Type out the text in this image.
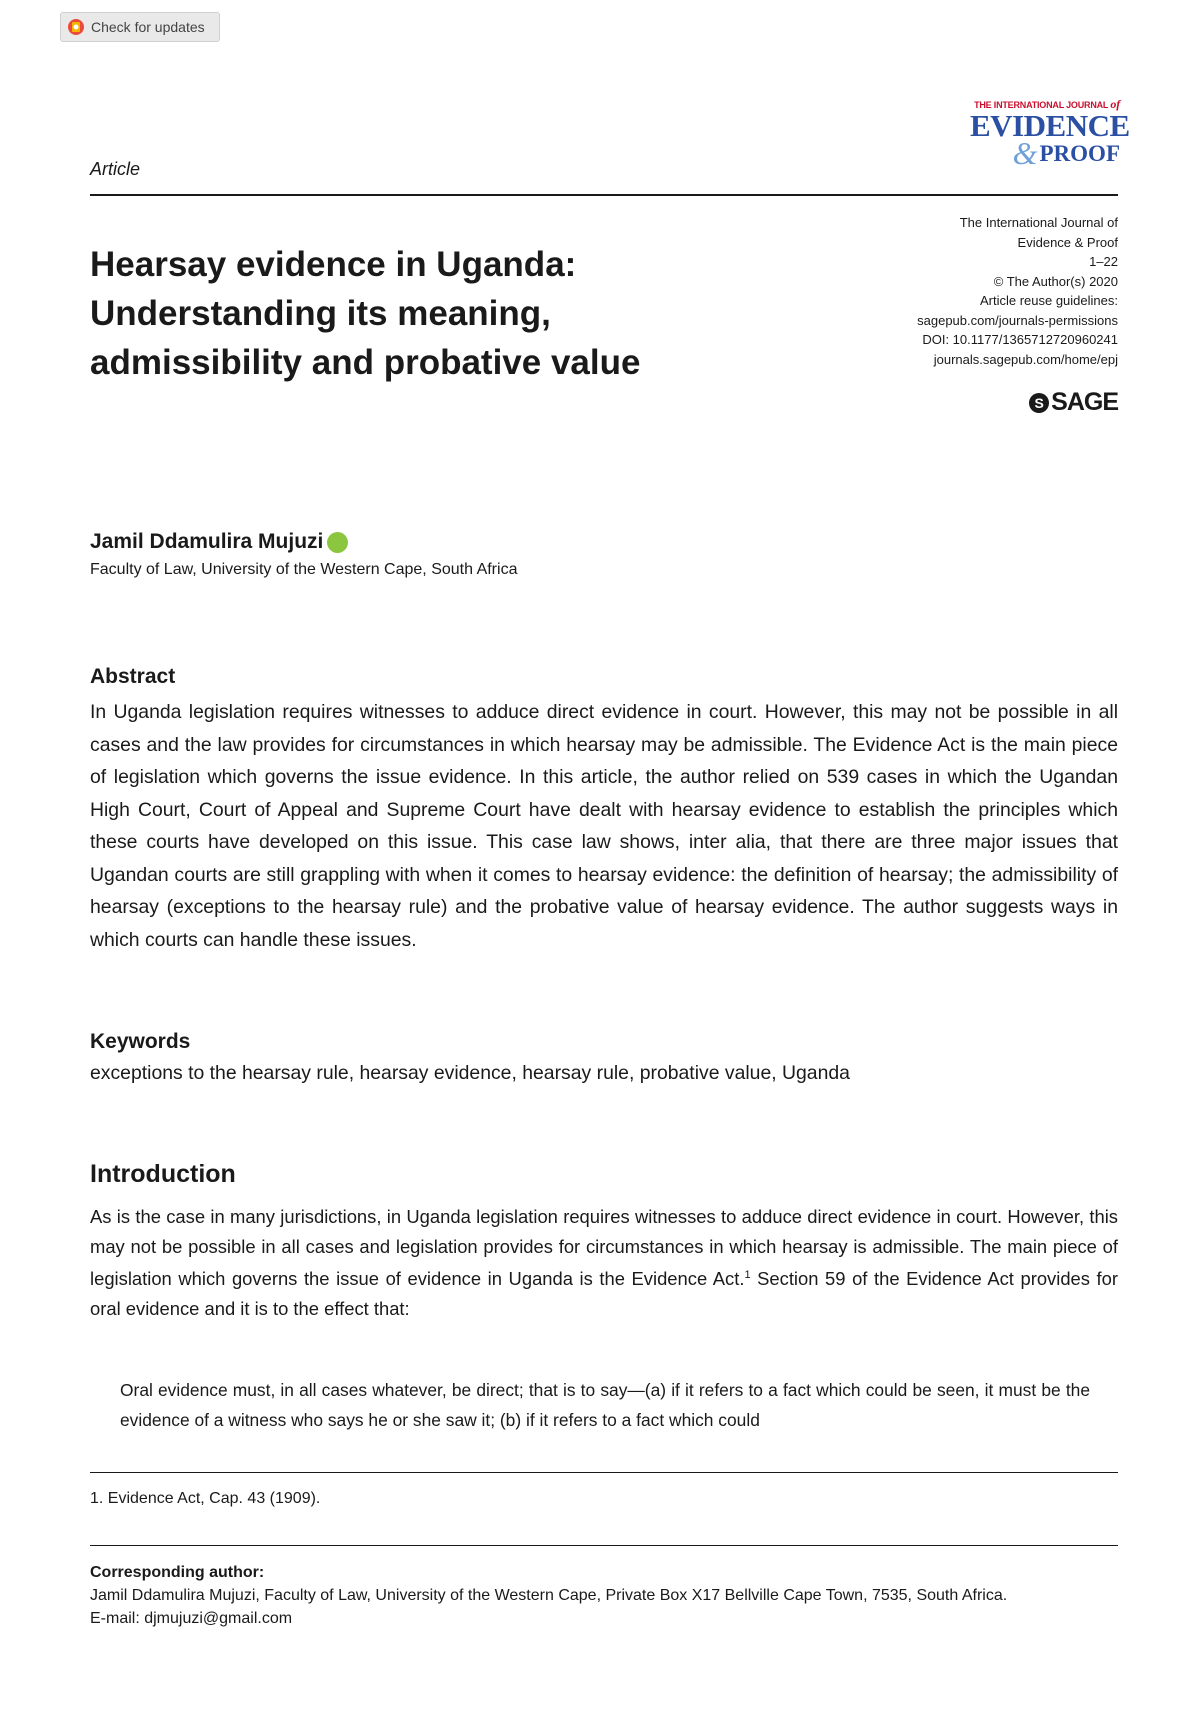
Check for updates
THE INTERNATIONAL JOURNAL of
EVIDENCE
& PROOF
Article
Hearsay evidence in Uganda: Understanding its meaning, admissibility and probative value
The International Journal of
Evidence & Proof
1–22
© The Author(s) 2020
Article reuse guidelines:
sagepub.com/journals-permissions
DOI: 10.1177/1365712720960241
journals.sagepub.com/home/epj
S SAGE
Jamil Ddamulira Mujuzi
Faculty of Law, University of the Western Cape, South Africa
Abstract

In Uganda legislation requires witnesses to adduce direct evidence in court. However, this may not be possible in all cases and the law provides for circumstances in which hearsay may be admissible. The Evidence Act is the main piece of legislation which governs the issue evidence. In this article, the author relied on 539 cases in which the Ugandan High Court, Court of Appeal and Supreme Court have dealt with hearsay evidence to establish the principles which these courts have developed on this issue. This case law shows, inter alia, that there are three major issues that Ugandan courts are still grappling with when it comes to hearsay evidence: the definition of hearsay; the admissibility of hearsay (exceptions to the hearsay rule) and the probative value of hearsay evidence. The author suggests ways in which courts can handle these issues.

Keywords
exceptions to the hearsay rule, hearsay evidence, hearsay rule, probative value, Uganda
Introduction

As is the case in many jurisdictions, in Uganda legislation requires witnesses to adduce direct evidence in court. However, this may not be possible in all cases and legislation provides for circumstances in which hearsay is admissible. The main piece of legislation which governs the issue of evidence in Uganda is the Evidence Act.$^1$ Section 59 of the Evidence Act provides for oral evidence and it is to the effect that:

Oral evidence must, in all cases whatever, be direct; that is to say—(a) if it refers to a fact which could be seen, it must be the evidence of a witness who says he or she saw it; (b) if it refers to a fact which could

1. Evidence Act, Cap. 43 (1909).
Corresponding author:
Jamil Ddamulira Mujuzi, Faculty of Law, University of the Western Cape, Private Box X17 Bellville Cape Town, 7535, South Africa.
E-mail: djmujuzi@gmail.com
